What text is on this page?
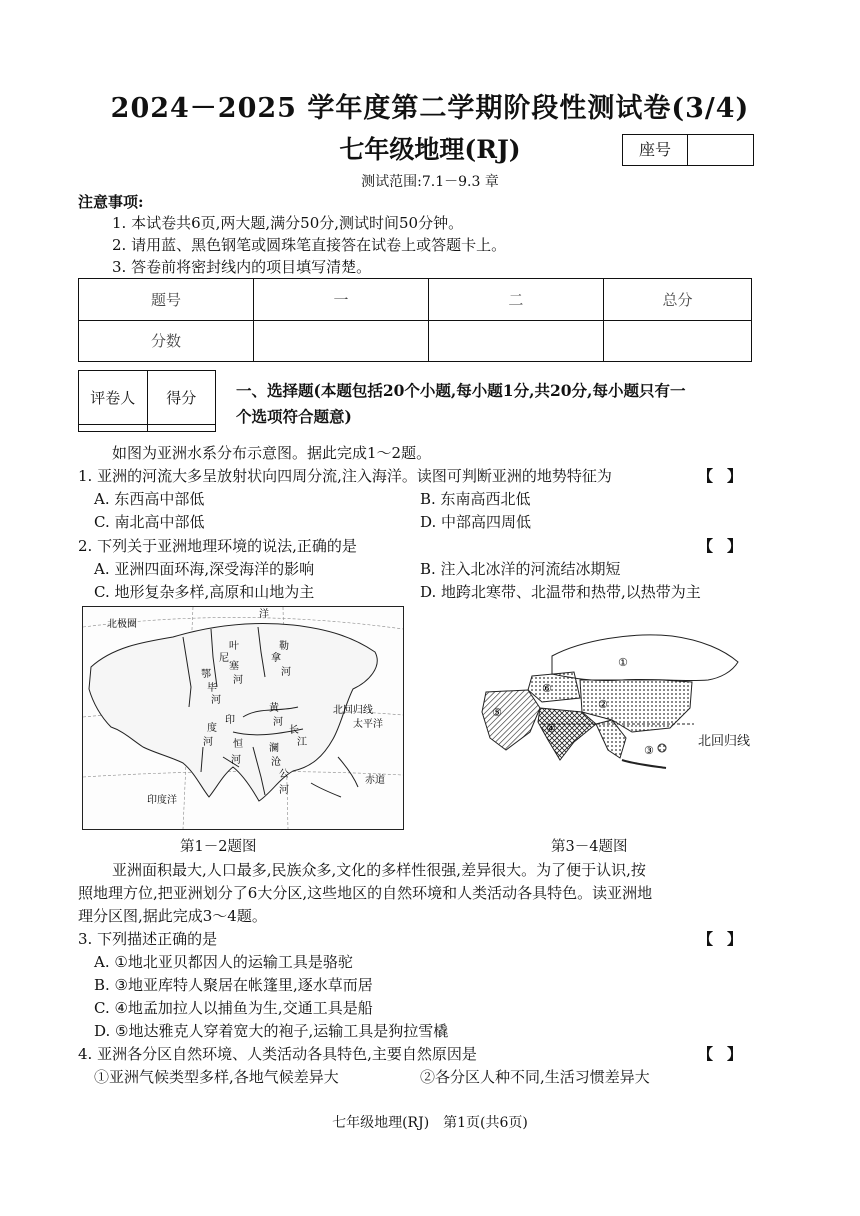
2024－2025 学年度第二学期阶段性测试卷(3/4)
七年级地理(RJ)	座号
测试范围:7.1－9.3 章
注意事项:
1. 本试卷共6页,两大题,满分50分,测试时间50分钟。
2. 请用蓝、黑色钢笔或圆珠笔直接答在试卷上或答题卡上。
3. 答卷前将密封线内的项目填写清楚。
题号	一	二	总分
分数			
评卷人	得分
		一、选择题(本题包括20个小题,每小题1分,共20分,每小题只有一
个选项符合题意)
如图为亚洲水系分布示意图。据此完成1～2题。
1. 亚洲的河流大多呈放射状向四周分流,注入海洋。读图可判断亚洲的地势特征为	【】
A. 东西高中部低	B. 东南高西北低
C. 南北高中部低	D. 中部高四周低
2. 下列关于亚洲地理环境的说法,正确的是	【】
A. 亚洲四面环海,深受海洋的影响	B. 注入北冰洋的河流结冰期短
C. 地形复杂多样,高原和山地为主	D. 地跨北寒带、北温带和热带,以热带为主
北极圈
洋
叶
尼
塞
河
勒
拿
河
鄂
毕
河
黄
河
印
度
河 恒
河
长
江
澜
沧
河
公
北回归线
太平洋
赤道
印度洋
第1－2题图
①
②
③
④
⑤
⑥
北回归线
第3－4题图
亚洲面积最大,人口最多,民族众多,文化的多样性很强,差异很大。为了便于认识,按
照地理方位,把亚洲划分了6大分区,这些地区的自然环境和人类活动各具特色。读亚洲地
理分区图,据此完成3～4题。
3. 下列描述正确的是	【】
A. ①地北亚贝都因人的运输工具是骆驼
B. ③地亚库特人聚居在帐篷里,逐水草而居
C. ④地孟加拉人以捕鱼为生,交通工具是船
D. ⑤地达雅克人穿着宽大的袍子,运输工具是狗拉雪橇
4. 亚洲各分区自然环境、人类活动各具特色,主要自然原因是	【】
①亚洲气候类型多样,各地气候差异大	②各分区人种不同,生活习惯差异大
七年级地理(RJ)　第1页(共6页)
